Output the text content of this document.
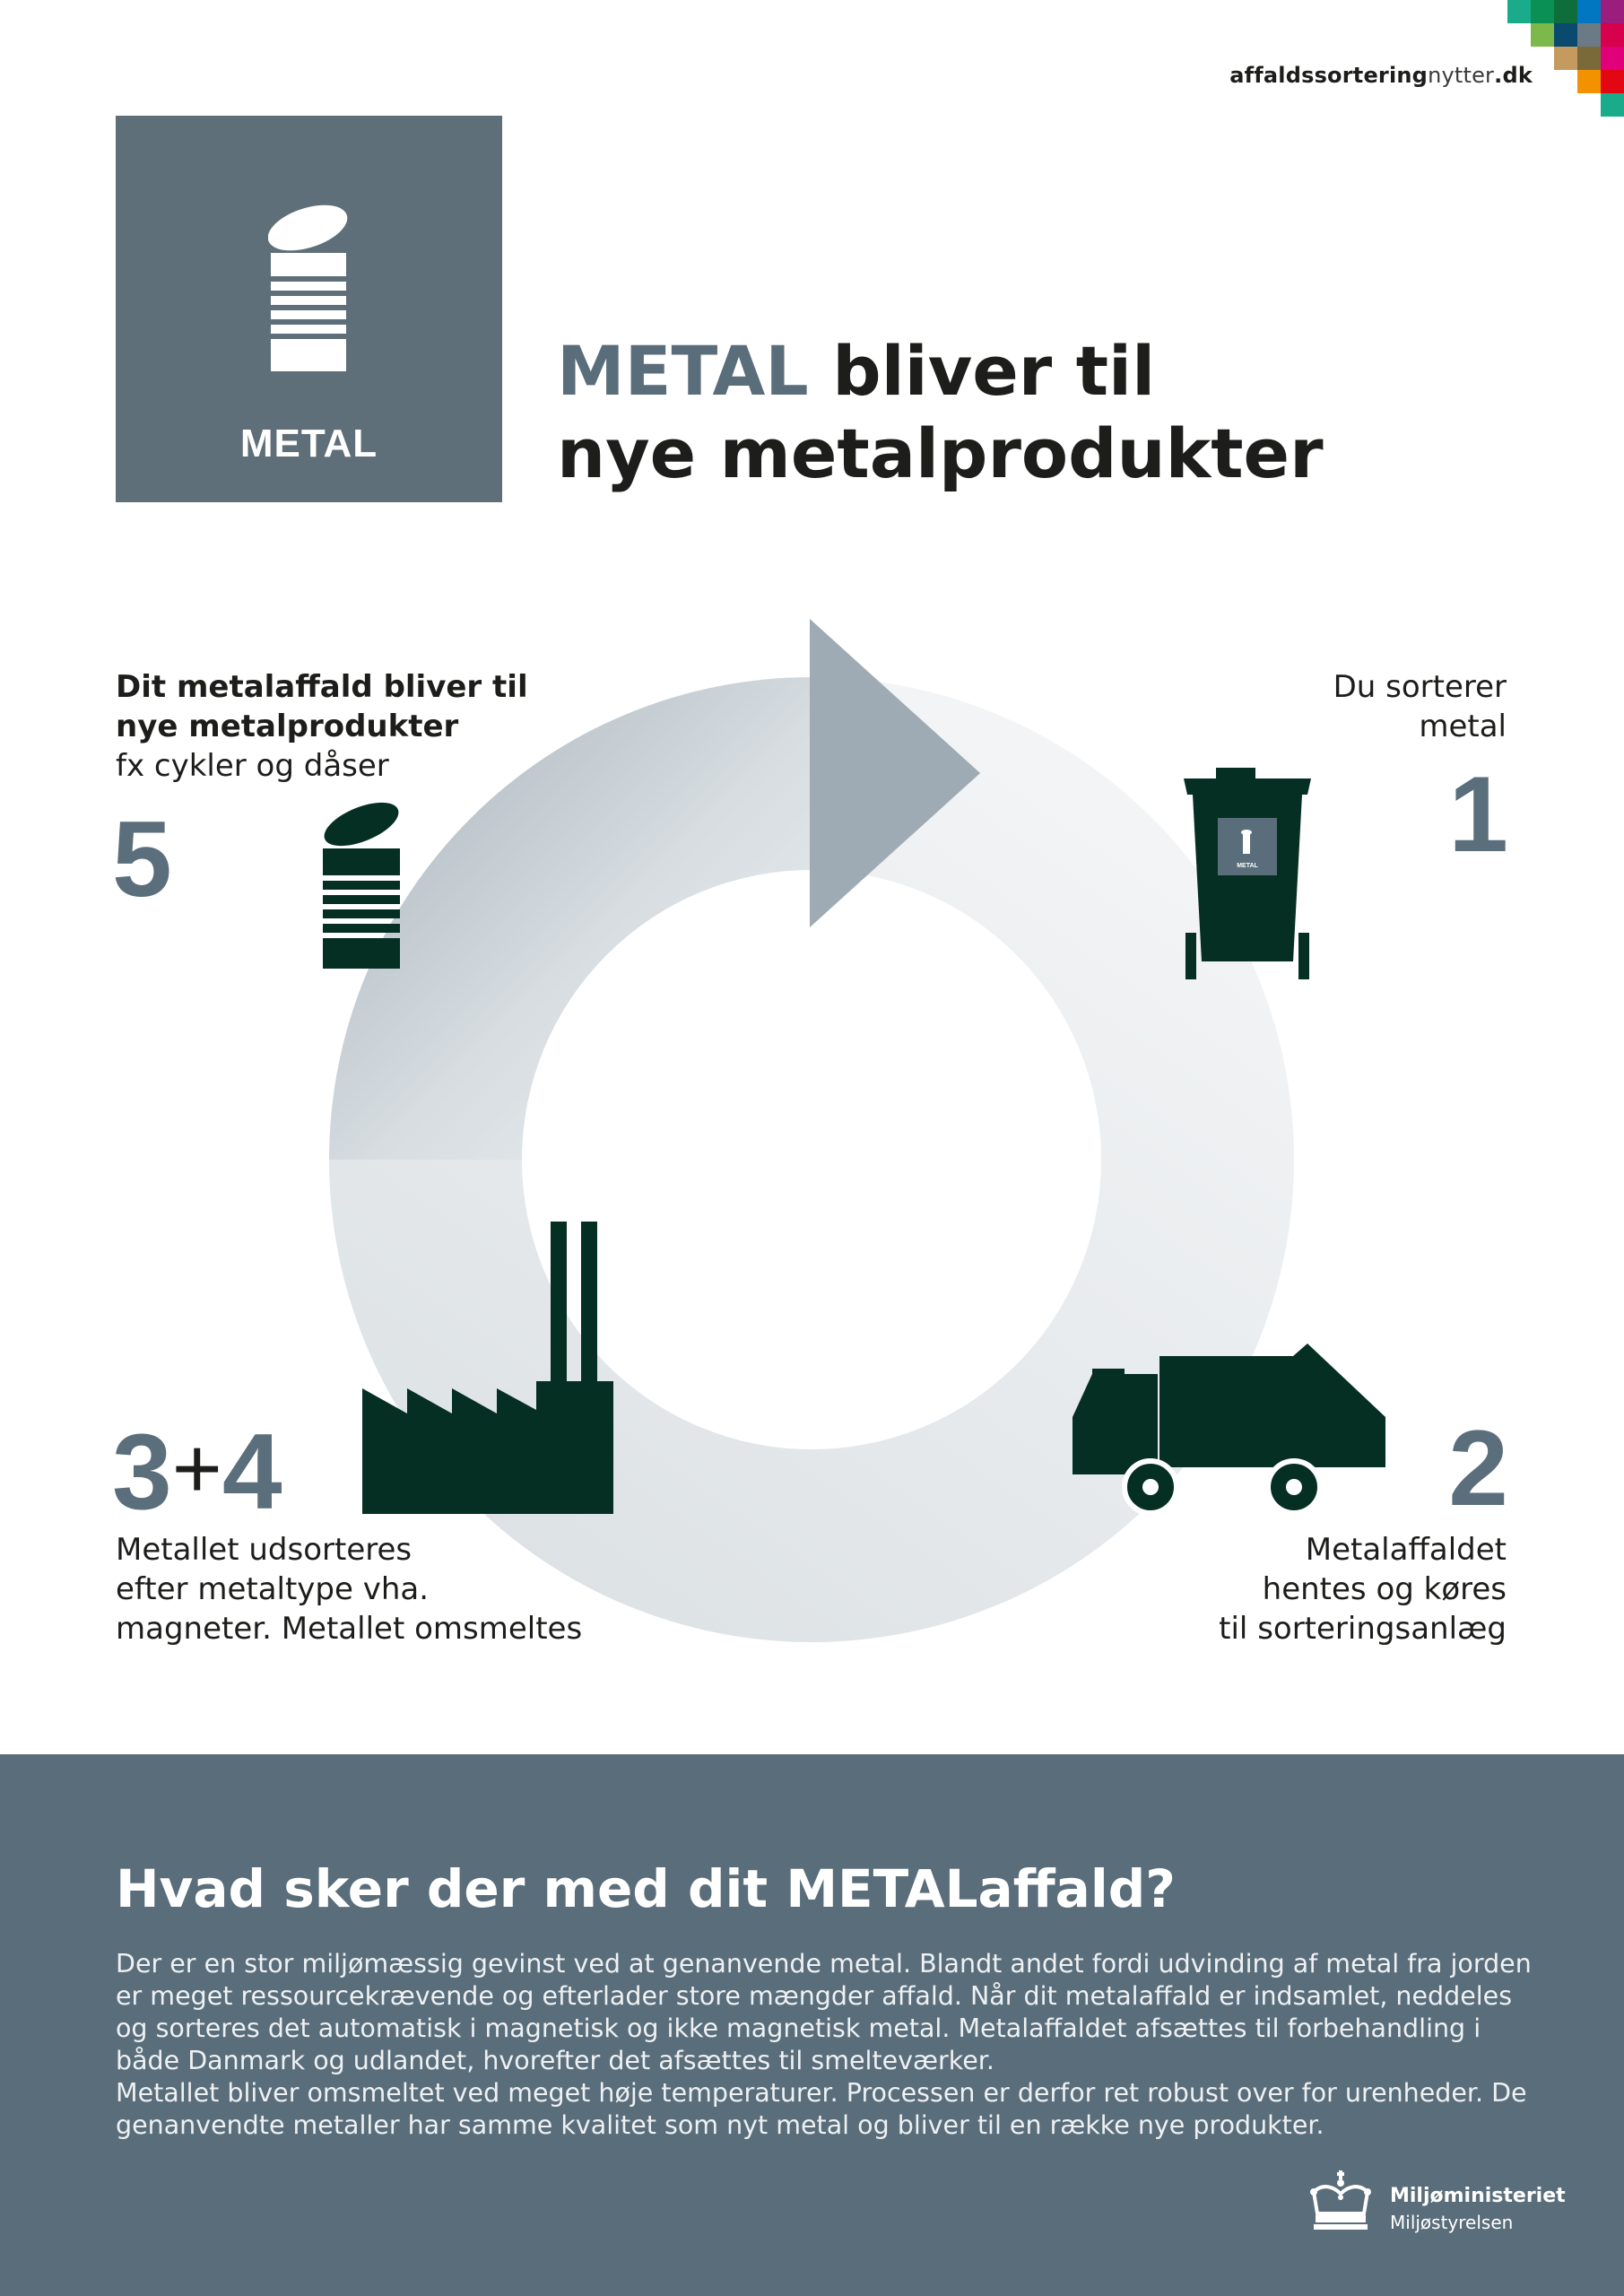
affaldssorteringnytter.dk
METAL
METAL bliver til
nye metalprodukter
METAL
Du sorterer
metal
1
2
Metalaffaldet
hentes og køres
til sorteringsanlæg
3+4
Metallet udsorteres
efter metaltype vha.
magneter. Metallet omsmeltes
Dit metalaffald bliver til
nye metalprodukter
fx cykler og dåser
5
Hvad sker der med dit METALaffald?

Der er en stor miljømæssig gevinst ved at genanvende metal. Blandt andet fordi udvinding af metal fra jorden er meget ressourcekrævende og efterlader store mængder affald. Når dit metalaffald er indsamlet, neddeles og sorteres det automatisk i magnetisk og ikke magnetisk metal. Metalaffaldet afsættes til forbehandling i både Danmark og udlandet, hvorefter det afsættes til smelteværker.

Metallet bliver omsmeltet ved meget høje temperaturer. Processen er derfor ret robust over for urenheder. De genanvendte metaller har samme kvalitet som nyt metal og bliver til en række nye produkter.

Miljøministeriet
Miljøstyrelsen
